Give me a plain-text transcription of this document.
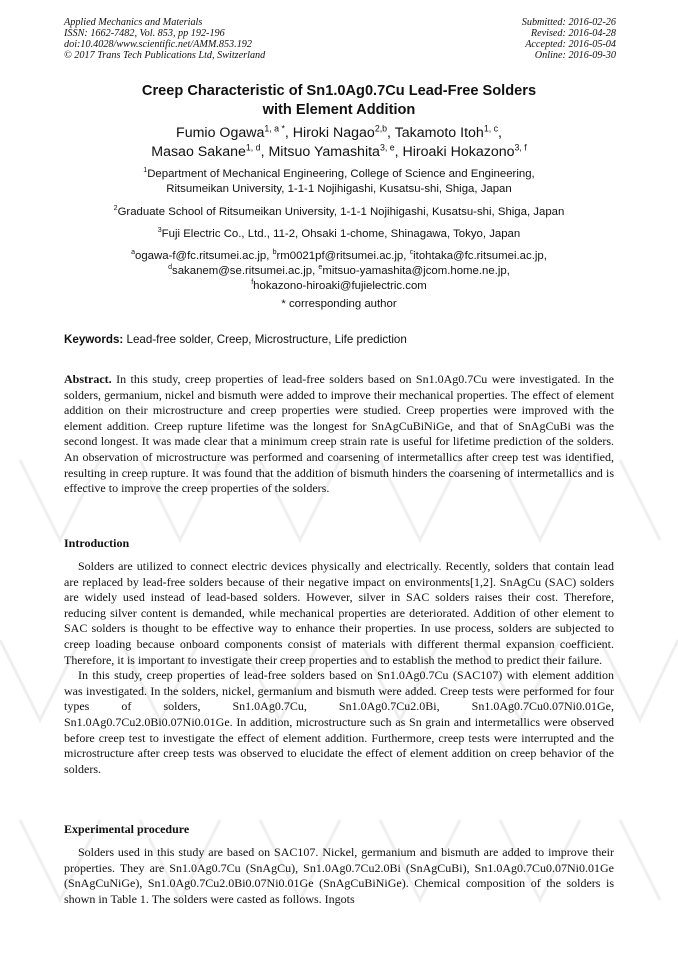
Applied Mechanics and Materials
ISSN: 1662-7482, Vol. 853, pp 192-196
doi:10.4028/www.scientific.net/AMM.853.192
© 2017 Trans Tech Publications Ltd, Switzerland
Submitted: 2016-02-26
Revised: 2016-04-28
Accepted: 2016-05-04
Online: 2016-09-30
Creep Characteristic of Sn1.0Ag0.7Cu Lead-Free Solders
with Element Addition
Fumio Ogawa$^{1, a *}$, Hiroki Nagao$^{2,b}$, Takamoto Itoh$^{1, c}$,
Masao Sakane$^{1, d}$, Mitsuo Yamashita$^{3, e}$, Hiroaki Hokazono$^{3, f}$
$^1$Department of Mechanical Engineering, College of Science and Engineering,
Ritsumeikan University, 1-1-1 Nojihigashi, Kusatsu-shi, Shiga, Japan
$^2$Graduate School of Ritsumeikan University, 1-1-1 Nojihigashi, Kusatsu-shi, Shiga, Japan
$^3$Fuji Electric Co., Ltd., 11-2, Ohsaki 1-chome, Shinagawa, Tokyo, Japan
$^a$ogawa-f@fc.ritsumei.ac.jp, $^b$rm0021pf@ritsumei.ac.jp, $^c$itohtaka@fc.ritsumei.ac.jp,
$^d$sakanem@se.ritsumei.ac.jp, $^e$mitsuo-yamashita@jcom.home.ne.jp,
$^f$hokazono-hiroaki@fujielectric.com
* corresponding author
Keywords: Lead-free solder, Creep, Microstructure, Life prediction

Abstract. In this study, creep properties of lead-free solders based on Sn1.0Ag0.7Cu were investigated. In the solders, germanium, nickel and bismuth were added to improve their mechanical properties. The effect of element addition on their microstructure and creep properties were studied. Creep properties were improved with the element addition. Creep rupture lifetime was the longest for SnAgCuBiNiGe, and that of SnAgCuBi was the second longest. It was made clear that a minimum creep strain rate is useful for lifetime prediction of the solders. An observation of microstructure was performed and coarsening of intermetallics after creep test was identified, resulting in creep rupture. It was found that the addition of bismuth hinders the coarsening of intermetallics and is effective to improve the creep properties of the solders.

Introduction

Solders are utilized to connect electric devices physically and electrically. Recently, solders that contain lead are replaced by lead-free solders because of their negative impact on environments[1,2]. SnAgCu (SAC) solders are widely used instead of lead-based solders. However, silver in SAC solders raises their cost. Therefore, reducing silver content is demanded, while mechanical properties are deteriorated. Addition of other element to SAC solders is thought to be effective way to enhance their properties. In use process, solders are subjected to creep loading because onboard components consist of materials with different thermal expansion coefficient. Therefore, it is important to investigate their creep properties and to establish the method to predict their failure.

In this study, creep properties of lead-free solders based on Sn1.0Ag0.7Cu (SAC107) with element addition was investigated. In the solders, nickel, germanium and bismuth were added. Creep tests were performed for four types of solders, Sn1.0Ag0.7Cu, Sn1.0Ag0.7Cu2.0Bi, Sn1.0Ag0.7Cu0.07Ni0.01Ge, Sn1.0Ag0.7Cu2.0Bi0.07Ni0.01Ge. In addition, microstructure such as Sn grain and intermetallics were observed before creep test to investigate the effect of element addition. Furthermore, creep tests were interrupted and the microstructure after creep tests was observed to elucidate the effect of element addition on creep behavior of the solders.

Experimental procedure

Solders used in this study are based on SAC107. Nickel, germanium and bismuth are added to improve their properties. They are Sn1.0Ag0.7Cu (SnAgCu), Sn1.0Ag0.7Cu2.0Bi (SnAgCuBi), Sn1.0Ag0.7Cu0.07Ni0.01Ge (SnAgCuNiGe), Sn1.0Ag0.7Cu2.0Bi0.07Ni0.01Ge (SnAgCuBiNiGe). Chemical composition of the solders is shown in Table 1. The solders were casted as follows. Ingots
